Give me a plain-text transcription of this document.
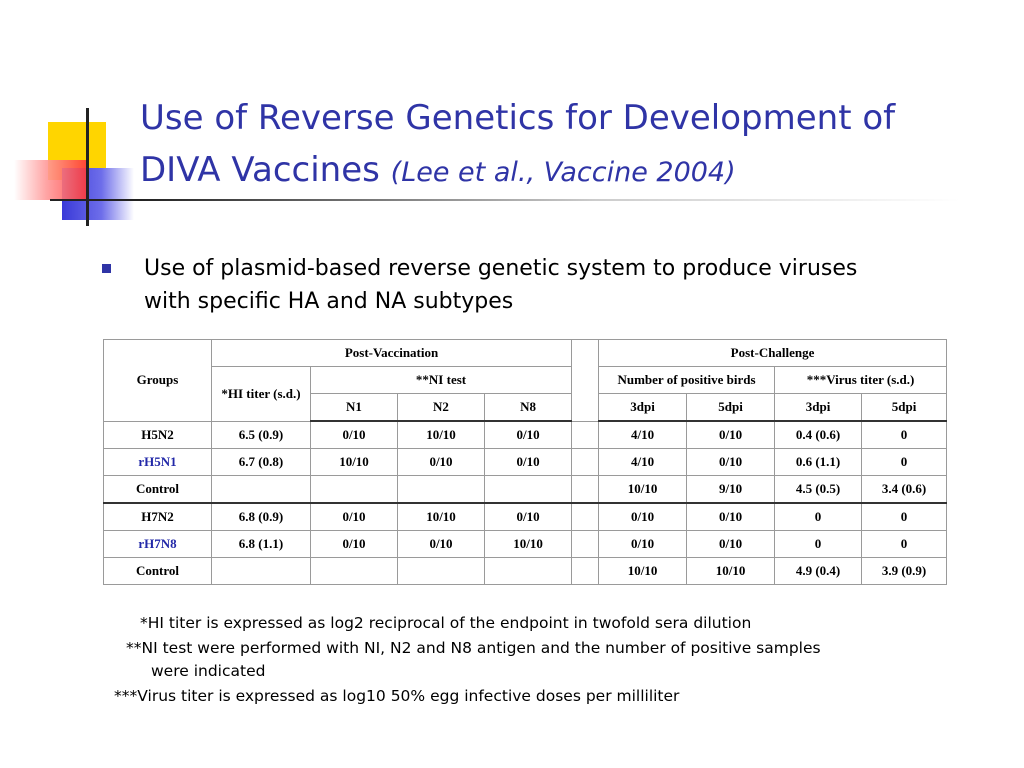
Use of Reverse Genetics for Development of
DIVA Vaccines (Lee et al., Vaccine 2004)
Use of plasmid-based reverse genetic system to produce viruses
with specific HA and NA subtypes
Groups	Post-Vaccination					Post-Challenge			
	*HI titer (s.d.)	**NI test				Number of positive birds		***Virus titer (s.d.)	
		N1	N2	N8		3dpi	5dpi	3dpi	5dpi
H5N2	6.5 (0.9)	0/10	10/10	0/10		4/10	0/10	0.4 (0.6)	0
rH5N1	6.7 (0.8)	10/10	0/10	0/10		4/10	0/10	0.6 (1.1)	0
Control						10/10	9/10	4.5 (0.5)	3.4 (0.6)
H7N2	6.8 (0.9)	0/10	10/10	0/10		0/10	0/10	0	0
rH7N8	6.8 (1.1)	0/10	0/10	10/10		0/10	0/10	0	0
Control						10/10	10/10	4.9 (0.4)	3.9 (0.9)
*HI titer is expressed as log2 reciprocal of the endpoint in twofold sera dilution
**NI test were performed with NI, N2 and N8 antigen and the number of positive samples
were indicated
***Virus titer is expressed as log10 50% egg infective doses per milliliter
